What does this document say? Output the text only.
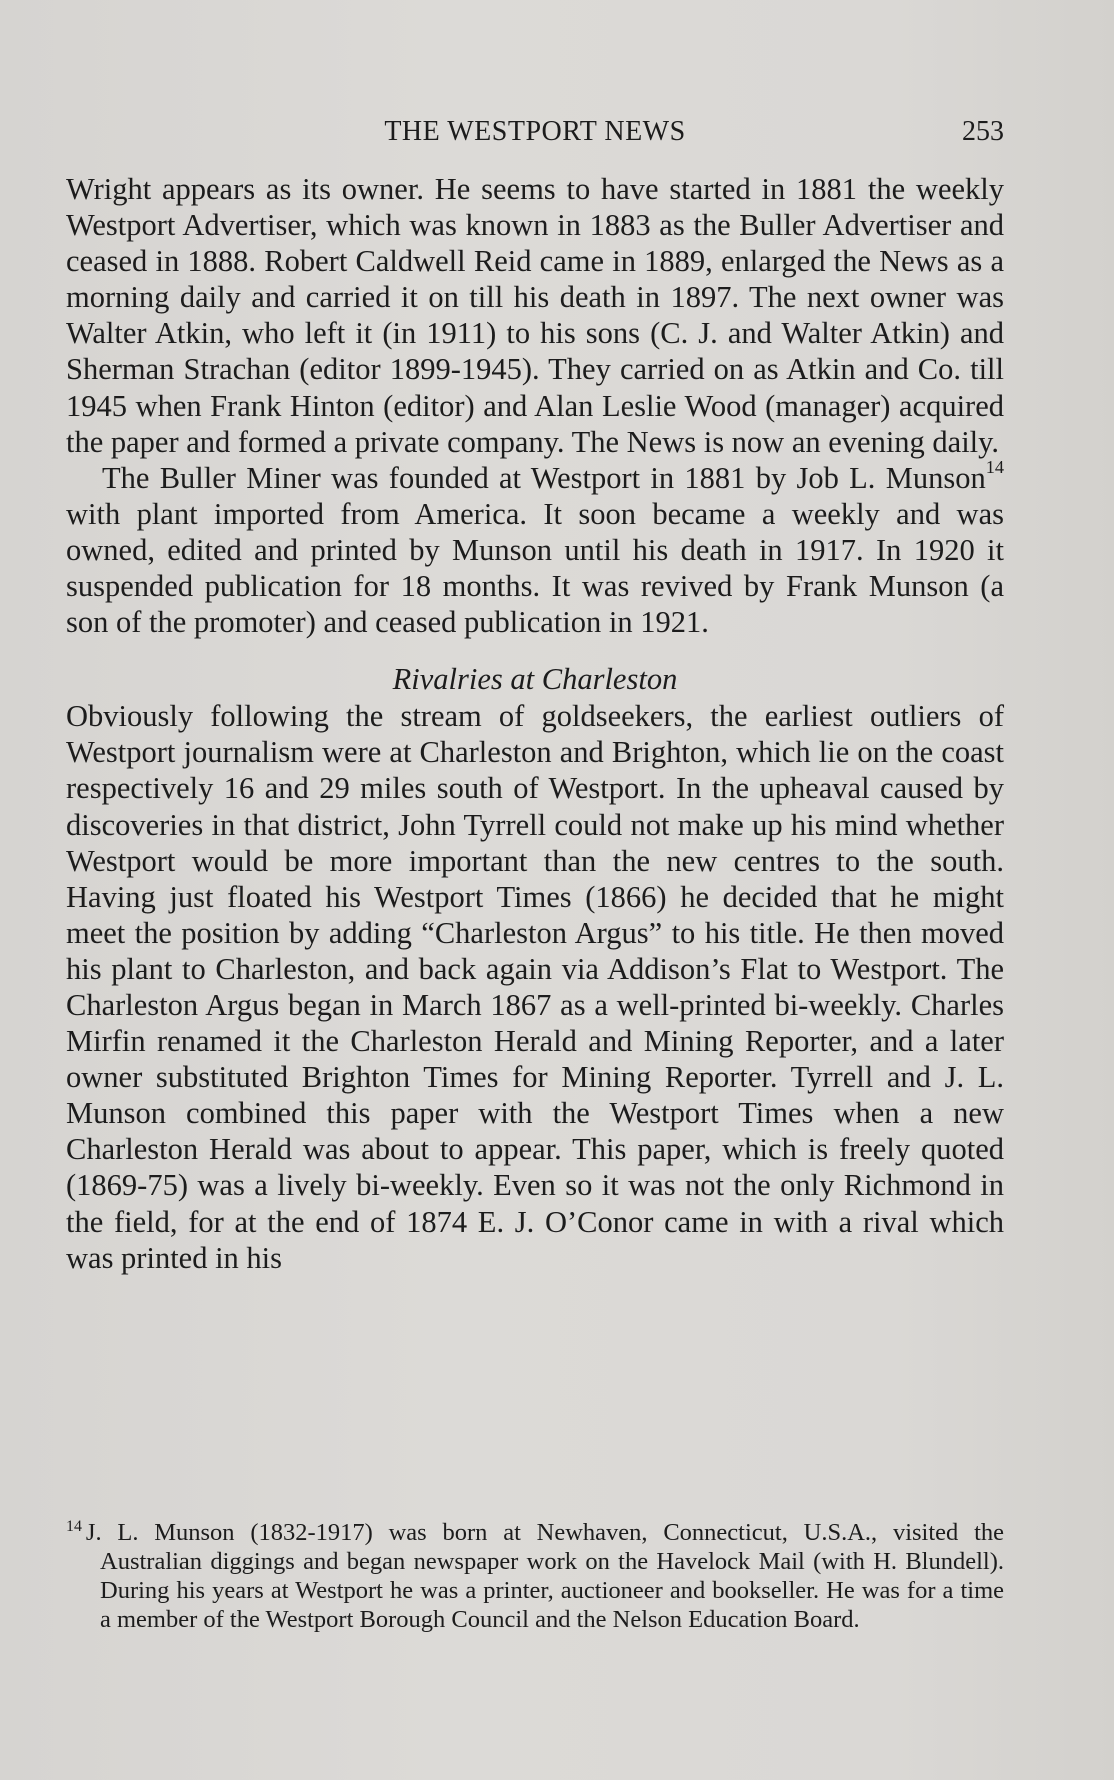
THE WESTPORT NEWS	253

Wright appears as its owner. He seems to have started in 1881 the weekly Westport Advertiser, which was known in 1883 as the Buller Advertiser and ceased in 1888. Robert Caldwell Reid came in 1889, enlarged the News as a morning daily and carried it on till his death in 1897. The next owner was Walter Atkin, who left it (in 1911) to his sons (C. J. and Walter Atkin) and Sherman Strachan (editor 1899-1945). They carried on as Atkin and Co. till 1945 when Frank Hinton (editor) and Alan Leslie Wood (manager) acquired the paper and formed a private company. The News is now an evening daily.

The Buller Miner was founded at Westport in 1881 by Job L. Munson$^{14}$ with plant imported from America. It soon became a weekly and was owned, edited and printed by Munson until his death in 1917. In 1920 it suspended publication for 18 months. It was revived by Frank Munson (a son of the promoter) and ceased publication in 1921.

Rivalries at Charleston

Obviously following the stream of goldseekers, the earliest outliers of Westport journalism were at Charleston and Brighton, which lie on the coast respectively 16 and 29 miles south of Westport. In the upheaval caused by discoveries in that district, John Tyrrell could not make up his mind whether Westport would be more important than the new centres to the south. Having just floated his Westport Times (1866) he decided that he might meet the position by adding “Charleston Argus” to his title. He then moved his plant to Charleston, and back again via Addison’s Flat to Westport. The Charleston Argus began in March 1867 as a well-printed bi-weekly. Charles Mirfin renamed it the Charleston Herald and Mining Reporter, and a later owner substituted Brighton Times for Mining Reporter. Tyrrell and J. L. Munson combined this paper with the Westport Times when a new Charleston Herald was about to appear. This paper, which is freely quoted (1869-75) was a lively bi-weekly. Even so it was not the only Richmond in the field, for at the end of 1874 E. J. O’Conor came in with a rival which was printed in his

$^{14}$ J. L. Munson (1832-1917) was born at Newhaven, Connecticut, U.S.A., visited the Australian diggings and began newspaper work on the Havelock Mail (with H. Blundell). During his years at Westport he was a printer, auctioneer and bookseller. He was for a time a member of the Westport Borough Council and the Nelson Education Board.
